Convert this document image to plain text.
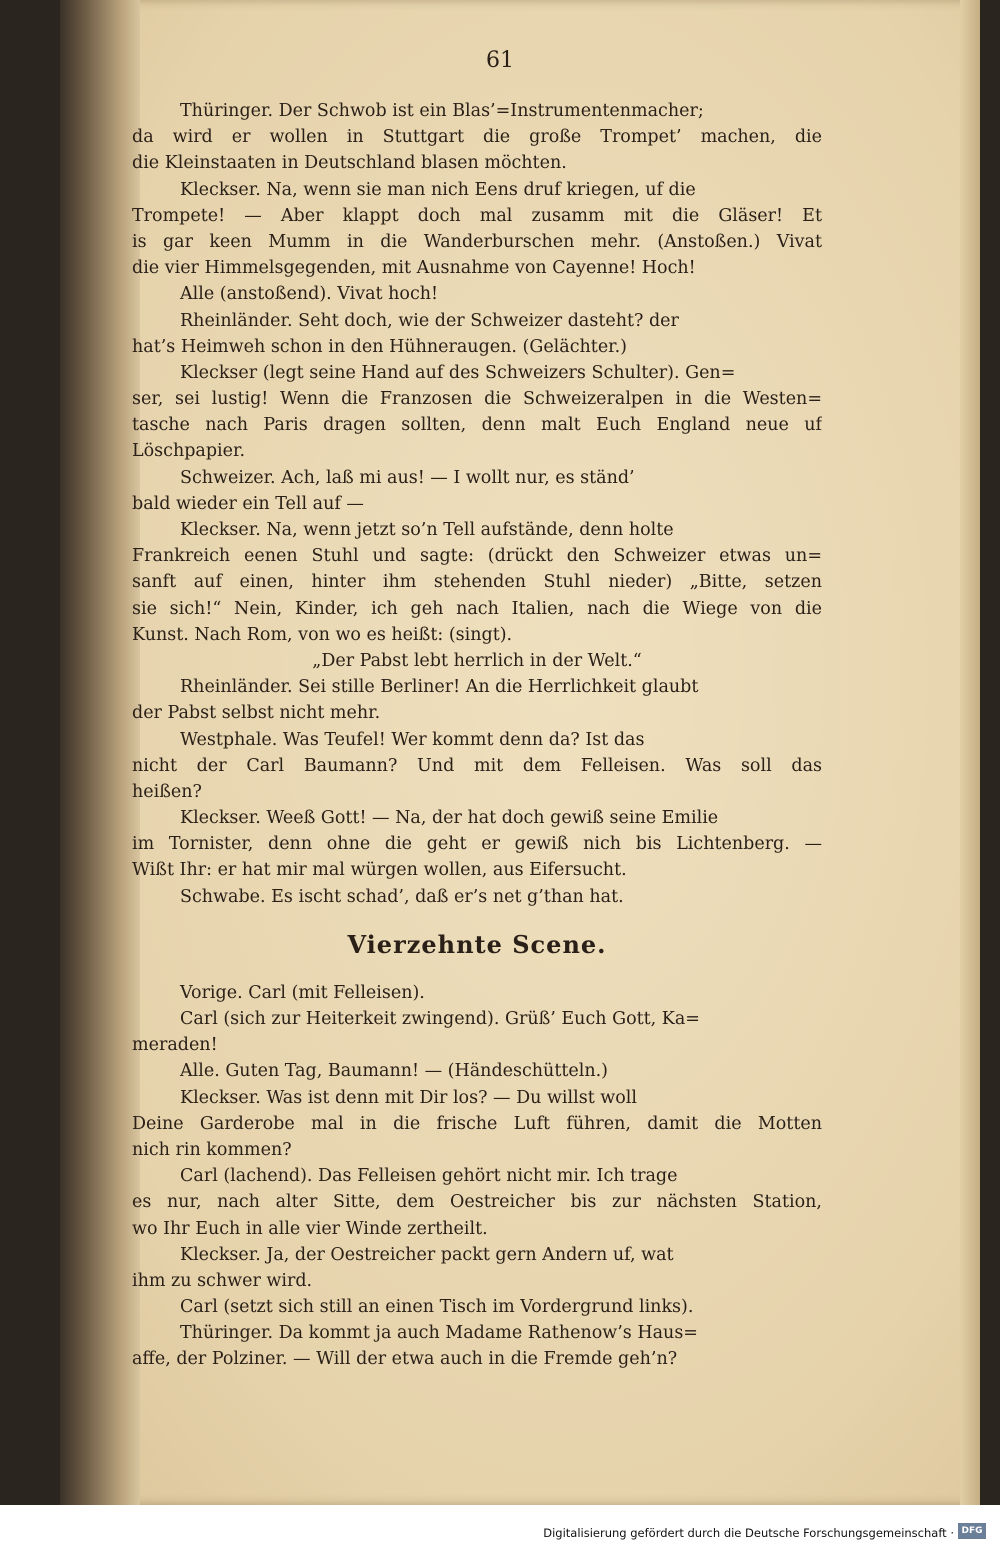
61
Thüringer. Der Schwob ist ein Blas’=Instrumentenmacher;
da wird er wollen in Stuttgart die große Trompet’ machen, die
die Kleinstaaten in Deutschland blasen möchten.
Kleckser. Na, wenn sie man nich Eens druf kriegen, uf die
Trompete! — Aber klappt doch mal zusamm mit die Gläser! Et
is gar keen Mumm in die Wanderburschen mehr. (Anstoßen.) Vivat
die vier Himmelsgegenden, mit Ausnahme von Cayenne! Hoch!
Alle (anstoßend). Vivat hoch!
Rheinländer. Seht doch, wie der Schweizer dasteht? der
hat’s Heimweh schon in den Hühneraugen. (Gelächter.)
Kleckser (legt seine Hand auf des Schweizers Schulter). Gen=
ser, sei lustig! Wenn die Franzosen die Schweizeralpen in die Westen=
tasche nach Paris dragen sollten, denn malt Euch England neue uf
Löschpapier.
Schweizer. Ach, laß mi aus! — I wollt nur, es ständ’
bald wieder ein Tell auf —
Kleckser. Na, wenn jetzt so’n Tell aufstände, denn holte
Frankreich eenen Stuhl und sagte: (drückt den Schweizer etwas un=
sanft auf einen, hinter ihm stehenden Stuhl nieder) „Bitte, setzen
sie sich!“ Nein, Kinder, ich geh nach Italien, nach die Wiege von die
Kunst. Nach Rom, von wo es heißt: (singt).
„Der Pabst lebt herrlich in der Welt.“
Rheinländer. Sei stille Berliner! An die Herrlichkeit glaubt
der Pabst selbst nicht mehr.
Westphale. Was Teufel! Wer kommt denn da? Ist das
nicht der Carl Baumann? Und mit dem Felleisen. Was soll das
heißen?
Kleckser. Weeß Gott! — Na, der hat doch gewiß seine Emilie
im Tornister, denn ohne die geht er gewiß nich bis Lichtenberg. —
Wißt Ihr: er hat mir mal würgen wollen, aus Eifersucht.
Schwabe. Es ischt schad’, daß er’s net g’than hat.
Vierzehnte Scene.
Vorige. Carl (mit Felleisen).
Carl (sich zur Heiterkeit zwingend). Grüß’ Euch Gott, Ka=
meraden!
Alle. Guten Tag, Baumann! — (Händeschütteln.)
Kleckser. Was ist denn mit Dir los? — Du willst woll
Deine Garderobe mal in die frische Luft führen, damit die Motten
nich rin kommen?
Carl (lachend). Das Felleisen gehört nicht mir. Ich trage
es nur, nach alter Sitte, dem Oestreicher bis zur nächsten Station,
wo Ihr Euch in alle vier Winde zertheilt.
Kleckser. Ja, der Oestreicher packt gern Andern uf, wat
ihm zu schwer wird.
Carl (setzt sich still an einen Tisch im Vordergrund links).
Thüringer. Da kommt ja auch Madame Rathenow’s Haus=
affe, der Polziner. — Will der etwa auch in die Fremde geh’n?
Digitalisierung gefördert durch die Deutsche Forschungsgemeinschaft · DFG
